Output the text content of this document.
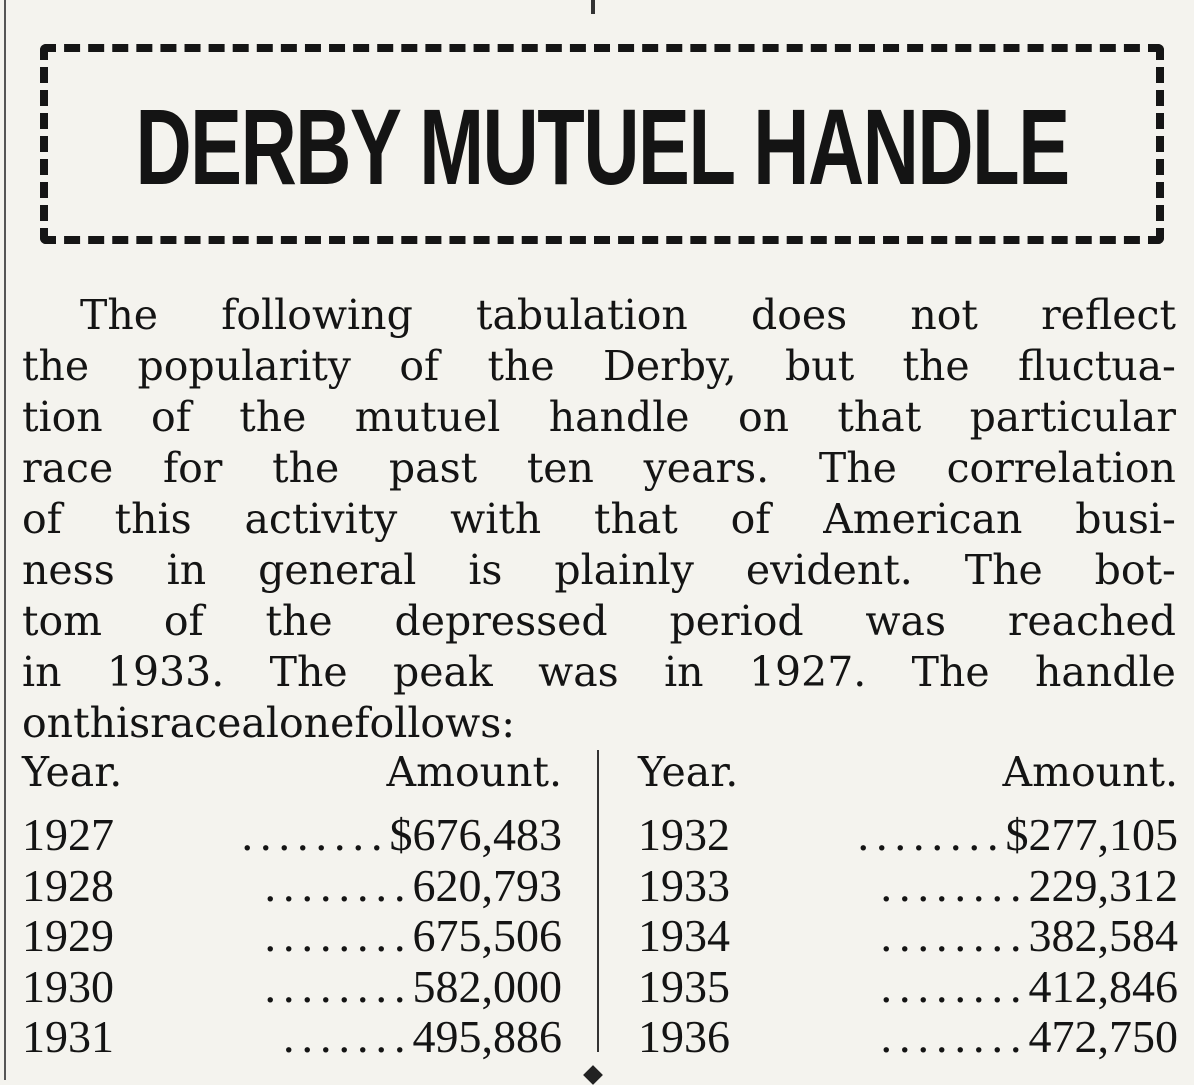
DERBY MUTUEL HANDLE
The following tabulation does not reflect
the popularity of the Derby, but the fluctua-
tion of the mutuel handle on that particular
race for the past ten years. The correlation
of this activity with that of American busi-
ness in general is plainly evident. The bot-
tom of the depressed period was reached
in 1933. The peak was in 1927. The handle
on this race alone follows:
Year.	Amount.
1927	........ $676,483
1928	........ 620,793
1929	........ 675,506
1930	........ 582,000
1931	....... 495,886
Year.	Amount.
1932	........ $277,105
1933	........ 229,312
1934	........ 382,584
1935	........ 412,846
1936	........ 472,750
